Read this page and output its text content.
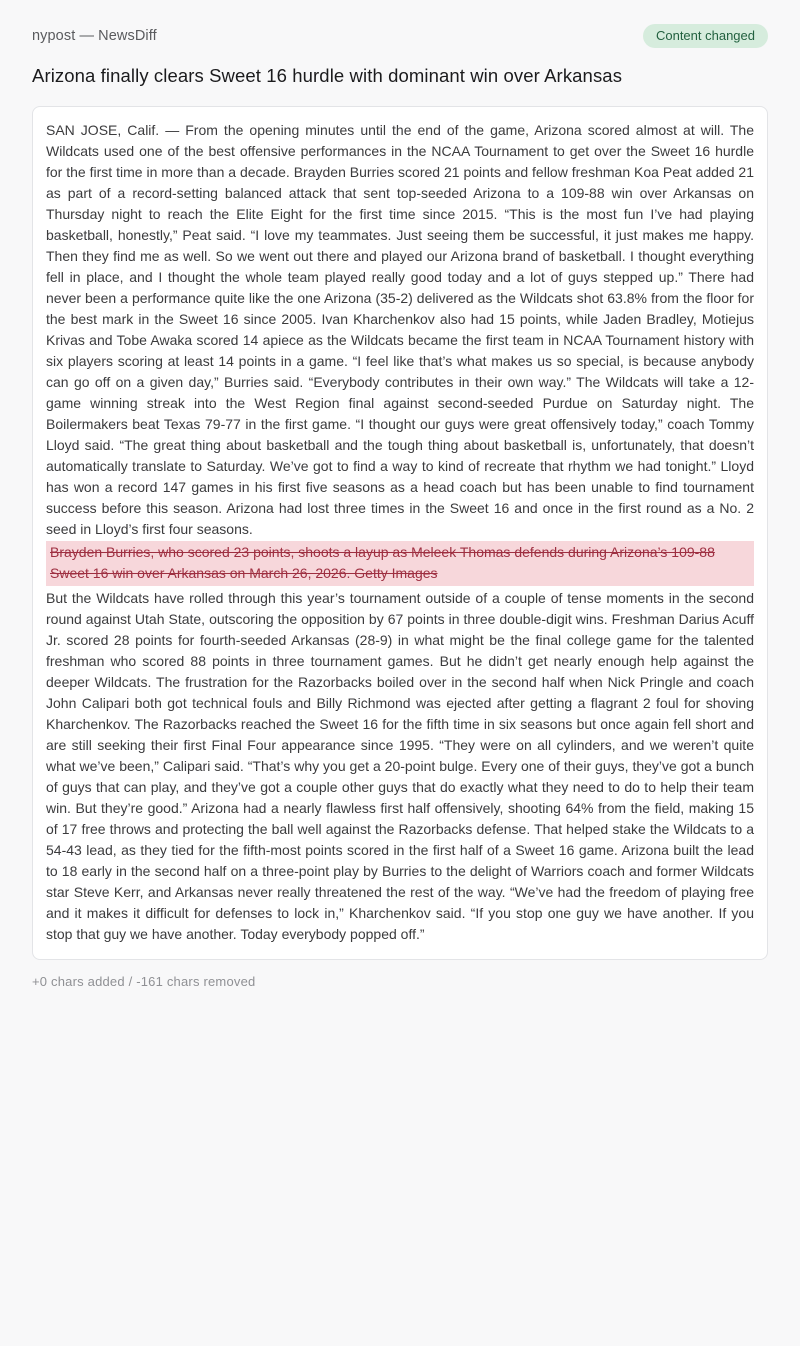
nypost — NewsDiff	Content changed
Arizona finally clears Sweet 16 hurdle with dominant win over Arkansas
SAN JOSE, Calif. — From the opening minutes until the end of the game, Arizona scored almost at will. The Wildcats used one of the best offensive performances in the NCAA Tournament to get over the Sweet 16 hurdle for the first time in more than a decade. Brayden Burries scored 21 points and fellow freshman Koa Peat added 21 as part of a record-setting balanced attack that sent top-seeded Arizona to a 109-88 win over Arkansas on Thursday night to reach the Elite Eight for the first time since 2015. “This is the most fun I’ve had playing basketball, honestly,” Peat said. “I love my teammates. Just seeing them be successful, it just makes me happy. Then they find me as well. So we went out there and played our Arizona brand of basketball. I thought everything fell in place, and I thought the whole team played really good today and a lot of guys stepped up.” There had never been a performance quite like the one Arizona (35-2) delivered as the Wildcats shot 63.8% from the floor for the best mark in the Sweet 16 since 2005. Ivan Kharchenkov also had 15 points, while Jaden Bradley, Motiejus Krivas and Tobe Awaka scored 14 apiece as the Wildcats became the first team in NCAA Tournament history with six players scoring at least 14 points in a game. “I feel like that’s what makes us so special, is because anybody can go off on a given day,” Burries said. “Everybody contributes in their own way.” The Wildcats will take a 12-game winning streak into the West Region final against second-seeded Purdue on Saturday night. The Boilermakers beat Texas 79-77 in the first game. “I thought our guys were great offensively today,” coach Tommy Lloyd said. “The great thing about basketball and the tough thing about basketball is, unfortunately, that doesn’t automatically translate to Saturday. We’ve got to find a way to kind of recreate that rhythm we had tonight.” Lloyd has won a record 147 games in his first five seasons as a head coach but has been unable to find tournament success before this season. Arizona had lost three times in the Sweet 16 and once in the first round as a No. 2 seed in Lloyd’s first four seasons.
Brayden Burries, who scored 23 points, shoots a layup as Meleek Thomas defends during Arizona’s 109-88 Sweet 16 win over Arkansas on March 26, 2026. Getty Images
But the Wildcats have rolled through this year’s tournament outside of a couple of tense moments in the second round against Utah State, outscoring the opposition by 67 points in three double-digit wins. Freshman Darius Acuff Jr. scored 28 points for fourth-seeded Arkansas (28-9) in what might be the final college game for the talented freshman who scored 88 points in three tournament games. But he didn’t get nearly enough help against the deeper Wildcats. The frustration for the Razorbacks boiled over in the second half when Nick Pringle and coach John Calipari both got technical fouls and Billy Richmond was ejected after getting a flagrant 2 foul for shoving Kharchenkov. The Razorbacks reached the Sweet 16 for the fifth time in six seasons but once again fell short and are still seeking their first Final Four appearance since 1995. “They were on all cylinders, and we weren’t quite what we’ve been,” Calipari said. “That’s why you get a 20-point bulge. Every one of their guys, they’ve got a bunch of guys that can play, and they’ve got a couple other guys that do exactly what they need to do to help their team win. But they’re good.” Arizona had a nearly flawless first half offensively, shooting 64% from the field, making 15 of 17 free throws and protecting the ball well against the Razorbacks defense. That helped stake the Wildcats to a 54-43 lead, as they tied for the fifth-most points scored in the first half of a Sweet 16 game. Arizona built the lead to 18 early in the second half on a three-point play by Burries to the delight of Warriors coach and former Wildcats star Steve Kerr, and Arkansas never really threatened the rest of the way. “We’ve had the freedom of playing free and it makes it difficult for defenses to lock in,” Kharchenkov said. “If you stop one guy we have another. If you stop that guy we have another. Today everybody popped off.”
+0 chars added / -161 chars removed
